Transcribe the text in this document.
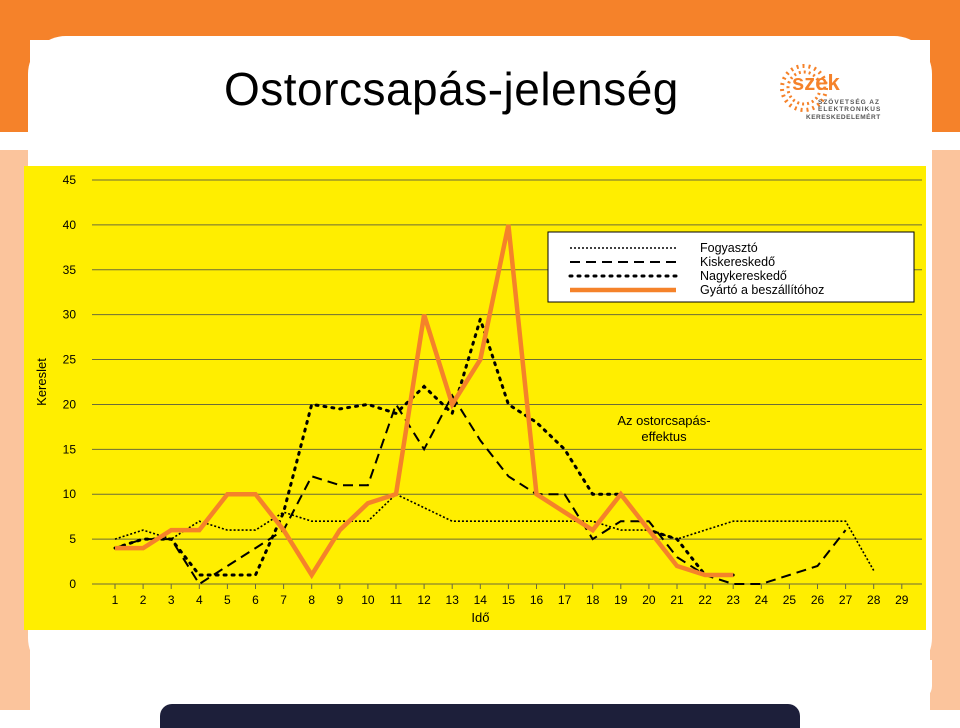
Ostorcsapás-jelenség	szek
SZÖVETSÉG AZ
ELEKTRONIKUS
KERESKEDELEMÉRT
0
5
10
15
20
25
30
35
40
45
1 2 3 4 5 6 7 8 9 10 11 12 13 14 15 16 17 18 19 20 21 22 23 24 25 26 27 28 29
Kereslet
Idő
Az ostorcsapás-
effektus
Fogyasztó
Kiskereskedő
Nagykereskedő
Gyártó a beszállítóhoz
